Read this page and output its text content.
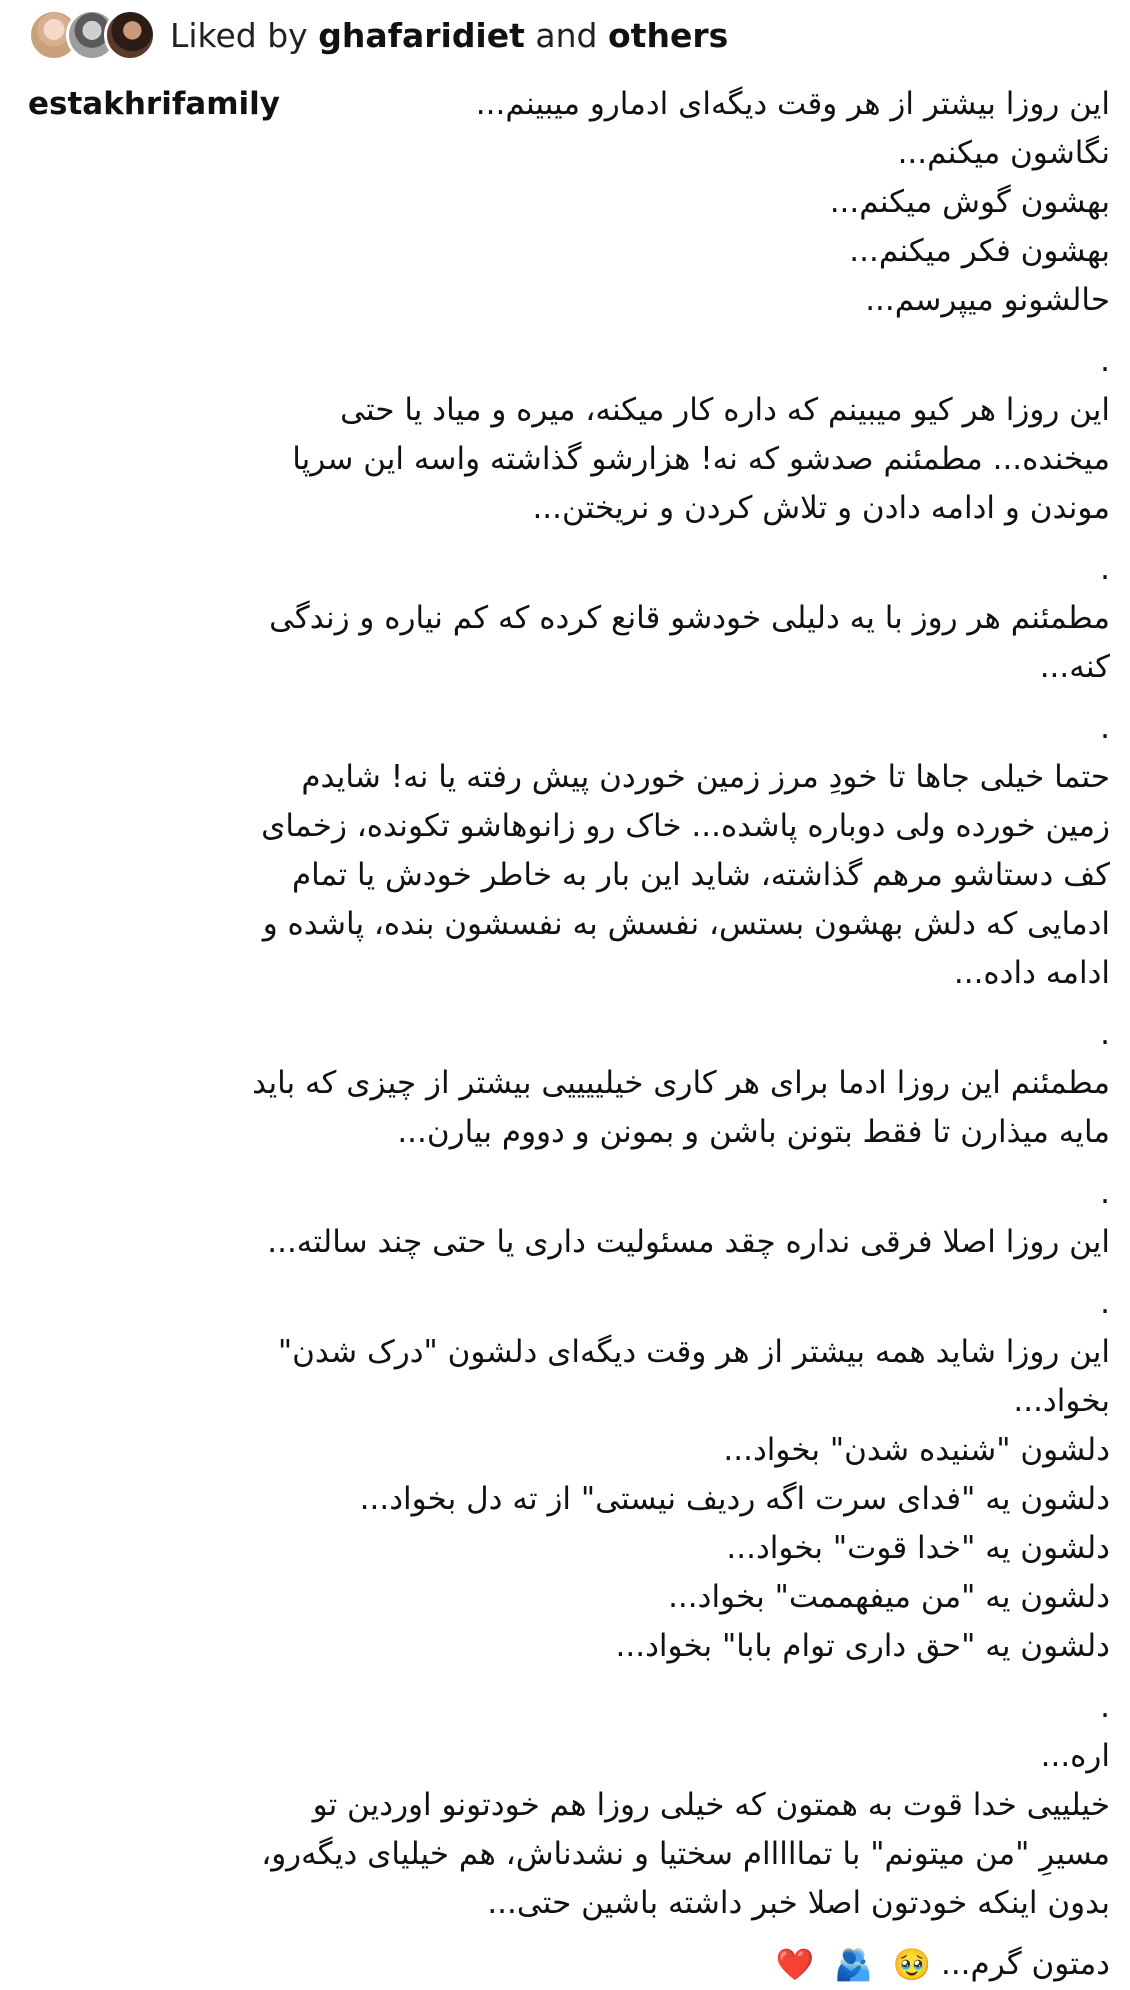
Liked by ghafaridiet and others
estakhrifamily	این روزا بیشتر از هر وقت دیگه‌ای ادمارو میبینم...
نگاشون میکنم...
بهشون گوش میکنم...
بهشون فکر میکنم...
حالشونو میپرسم...
.
این روزا هر کیو میبینم که داره کار میکنه، میره و میاد یا حتی
میخنده... مطمئنم صدشو که نه! هزارشو گذاشته واسه این سرپا
موندن و ادامه دادن و تلاش کردن و نریختن...
.
مطمئنم هر روز با یه دلیلی خودشو قانع کرده که کم نیاره و زندگی
کنه...
.
حتما خیلی جاها تا خودِ مرز زمین خوردن پیش رفته یا نه! شایدم
زمین خورده ولی دوباره پاشده... خاک رو زانوهاشو تکونده، زخمای
کف دستاشو مرهم گذاشته، شاید این بار به خاطر خودش یا تمام
ادمایی که دلش بهشون بستس، نفسش به نفسشون بنده، پاشده و
ادامه داده...
.
مطمئنم این روزا ادما برای هر کاری خیلییییی بیشتر از چیزی که باید
مایه میذارن تا فقط بتونن باشن و بمونن و دووم بیارن...
.
این روزا اصلا فرقی نداره چقد مسئولیت داری یا حتی چند سالته...
.
این روزا شاید همه بیشتر از هر وقت دیگه‌ای دلشون "درک شدن"
بخواد...
دلشون "شنیده شدن" بخواد...
دلشون یه "فدای سرت اگه ردیف نیستی" از ته دل بخواد...
دلشون یه "خدا قوت" بخواد...
دلشون یه "من میفهممت" بخواد...
دلشون یه "حق داری توام بابا" بخواد...
.
اره...
خیلییی خدا قوت به همتون که خیلی روزا هم خودتونو اوردین تو
مسیرِ "من میتونم" با تمااااام سختیا و نشدناش، هم خیلیای دیگه‌رو،
بدون اینکه خودتون اصلا خبر داشته باشین حتی...
دمتون گرم... 🥹 🫂 ❤️
